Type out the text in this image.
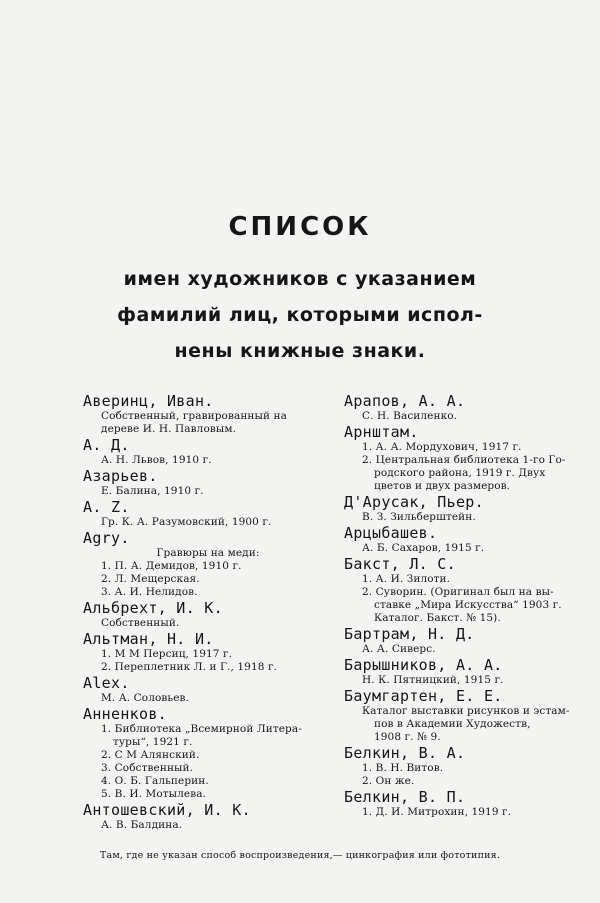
СПИСОК
имен художников с указанием
фамилий лиц, которыми испол-
нены книжные знаки.
Аверинц, Иван.
Собственный, гравированный на
дереве И. Н. Павловым.
А. Д.
А. Н. Львов, 1910 г.
Азарьев.
Е. Балина, 1910 г.
А. Z.
Гр. К. А. Разумовский, 1900 г.
Agry.
Гравюры на меди:
1. П. А. Демидов, 1910 г.
2. Л. Мещерская.
3. А. И. Нелидов.
Альбрехт, И. К.
Собственный.
Альтман, Н. И.
1. М М Персиц, 1917 г.
2. Переплетник Л. и Г., 1918 г.
Alex.
М. А. Соловьев.
Анненков.
1. Библиотека „Всемирной Литера-
туры“, 1921 г.
2. С М Алянский.
3. Собственный.
4. О. Б. Гальперин.
5. В. И. Мотылева.
Антошевский, И. К.
А. В. Балдина.
Арапов, А. А.
С. Н. Василенко.
Арнштам.
1. А. А. Мордухович, 1917 г.
2. Центральная библиотека 1-го Го-
родского района, 1919 г. Двух
цветов и двух размеров.
Д'Арусак, Пьер.
В. З. Зильберштейн.
Арцыбашев.
А. Б. Сахаров, 1915 г.
Бакст, Л. С.
1. А. И. Зилоти.
2. Суворин. (Оригинал был на вы-
ставке „Мира Искусства“ 1903 г.
Каталог. Бакст. № 15).
Бартрам, Н. Д.
А. А. Сиверс.
Барышников, А. А.
Н. К. Пятницкий, 1915 г.
Баумгартен, Е. Е.
Каталог выставки рисунков и эстам-
пов в Академии Художеств,
1908 г. № 9.
Белкин, В. А.
1. В. Н. Витов.
2. Он же.
Белкин, В. П.
1. Д. И. Митрохин, 1919 г.
Там, где не указан способ воспроизведения,— цинкография или фототипия.
